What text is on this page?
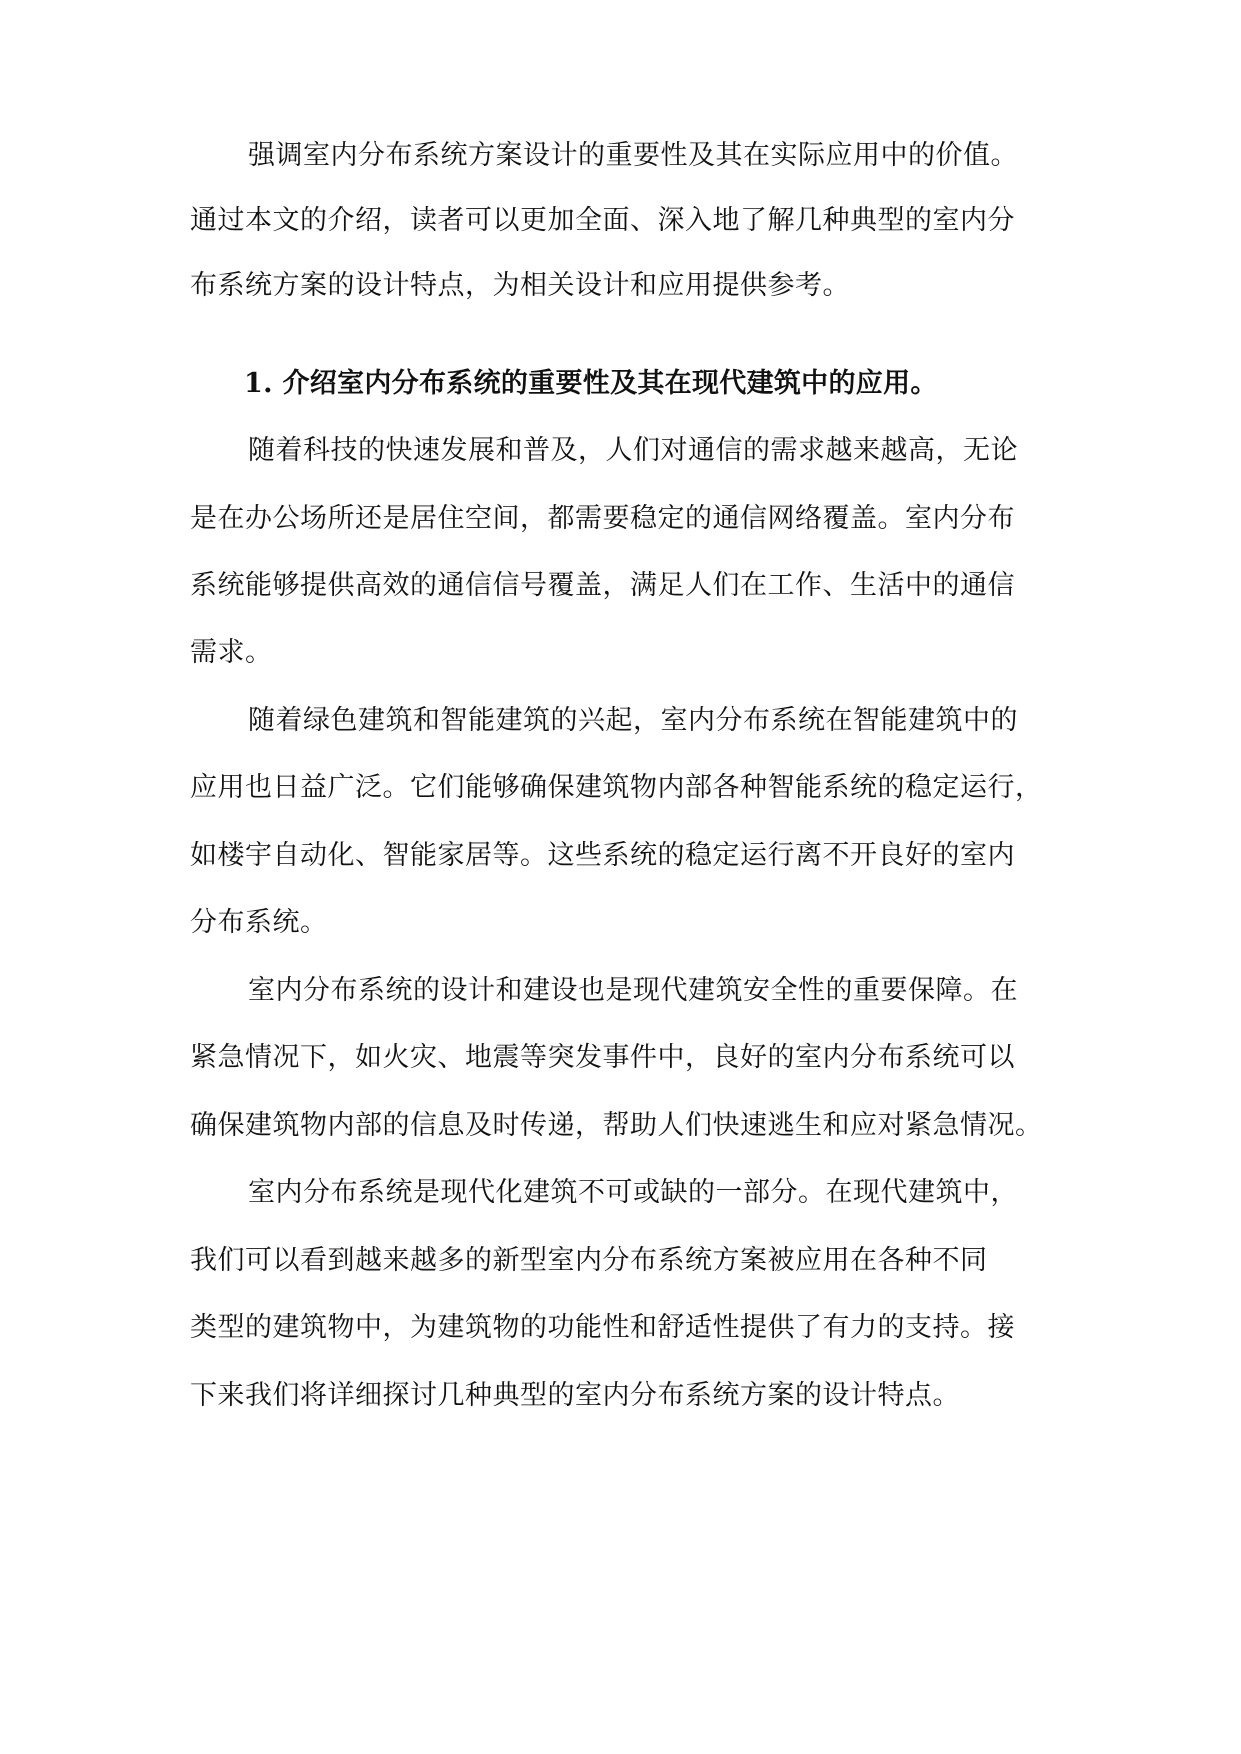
强调室内分布系统方案设计的重要性及其在实际应用中的价值。
通过本文的介绍，读者可以更加全面、深入地了解几种典型的室内分
布系统方案的设计特点，为相关设计和应用提供参考。
1. 介绍室内分布系统的重要性及其在现代建筑中的应用。
随着科技的快速发展和普及，人们对通信的需求越来越高，无论
是在办公场所还是居住空间，都需要稳定的通信网络覆盖。室内分布
系统能够提供高效的通信信号覆盖，满足人们在工作、生活中的通信
需求。
随着绿色建筑和智能建筑的兴起，室内分布系统在智能建筑中的
应用也日益广泛。它们能够确保建筑物内部各种智能系统的稳定运行，
如楼宇自动化、智能家居等。这些系统的稳定运行离不开良好的室内
分布系统。
室内分布系统的设计和建设也是现代建筑安全性的重要保障。在
紧急情况下，如火灾、地震等突发事件中，良好的室内分布系统可以
确保建筑物内部的信息及时传递，帮助人们快速逃生和应对紧急情况。
室内分布系统是现代化建筑不可或缺的一部分。在现代建筑中，
我们可以看到越来越多的新型室内分布系统方案被应用在各种不同
类型的建筑物中，为建筑物的功能性和舒适性提供了有力的支持。接
下来我们将详细探讨几种典型的室内分布系统方案的设计特点。
